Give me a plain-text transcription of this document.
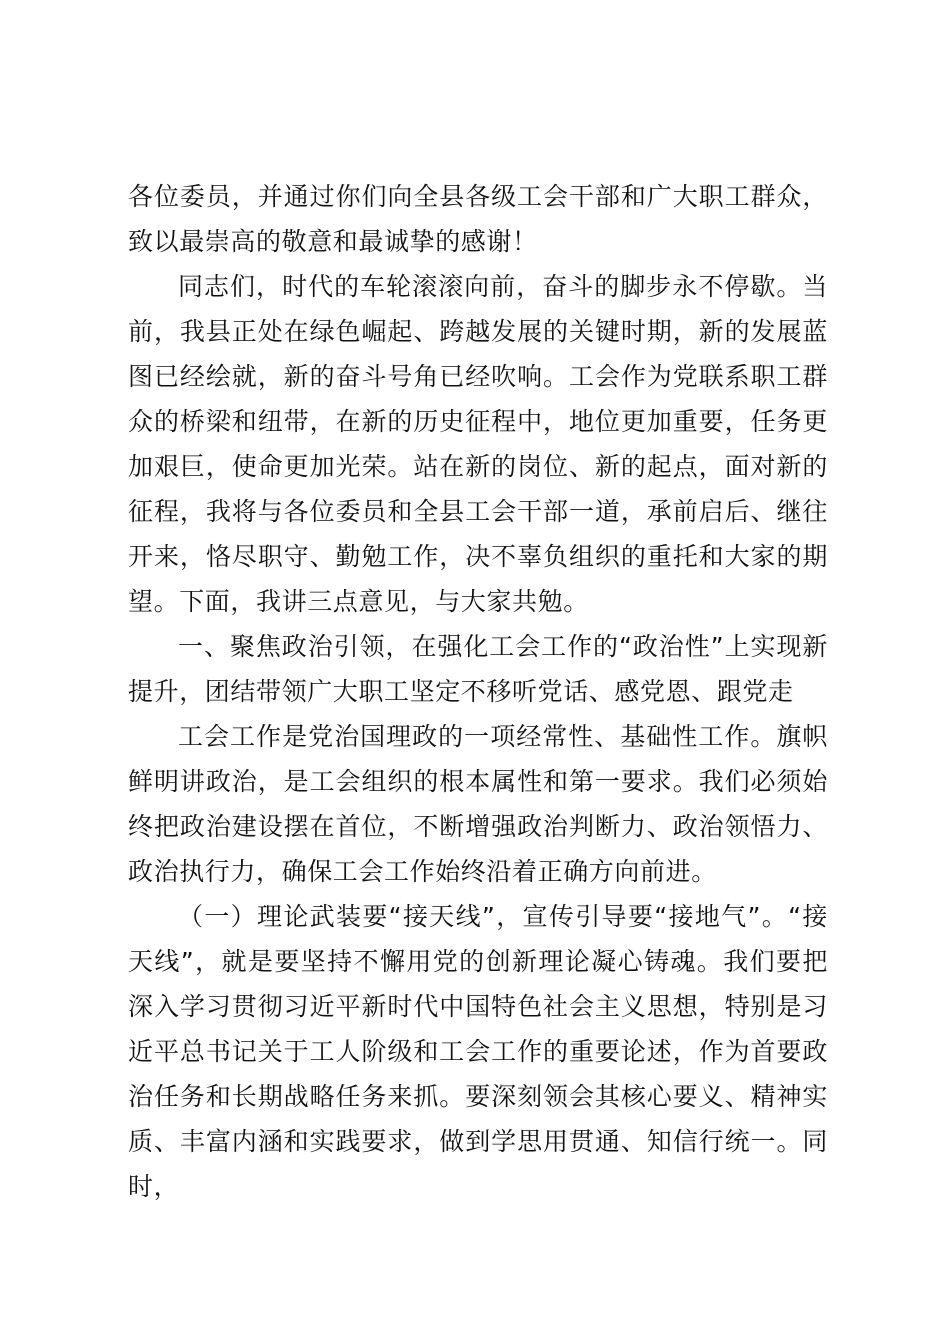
各位委员，并通过你们向全县各级工会干部和广大职工群众，致以最崇高的敬意和最诚挚的感谢！

同志们，时代的车轮滚滚向前，奋斗的脚步永不停歇。当前，我县正处在绿色崛起、跨越发展的关键时期，新的发展蓝图已经绘就，新的奋斗号角已经吹响。工会作为党联系职工群众的桥梁和纽带，在新的历史征程中，地位更加重要，任务更加艰巨，使命更加光荣。站在新的岗位、新的起点，面对新的征程，我将与各位委员和全县工会干部一道，承前启后、继往开来，恪尽职守、勤勉工作，决不辜负组织的重托和大家的期望。下面，我讲三点意见，与大家共勉。

一、聚焦政治引领，在强化工会工作的“政治性”上实现新提升，团结带领广大职工坚定不移听党话、感党恩、跟党走

工会工作是党治国理政的一项经常性、基础性工作。旗帜鲜明讲政治，是工会组织的根本属性和第一要求。我们必须始终把政治建设摆在首位，不断增强政治判断力、政治领悟力、政治执行力，确保工会工作始终沿着正确方向前进。

（一）理论武装要“接天线”，宣传引导要“接地气”。“接天线”，就是要坚持不懈用党的创新理论凝心铸魂。我们要把深入学习贯彻习近平新时代中国特色社会主义思想，特别是习近平总书记关于工人阶级和工会工作的重要论述，作为首要政治任务和长期战略任务来抓。要深刻领会其核心要义、精神实质、丰富内涵和实践要求，做到学思用贯通、知信行统一。同时，
